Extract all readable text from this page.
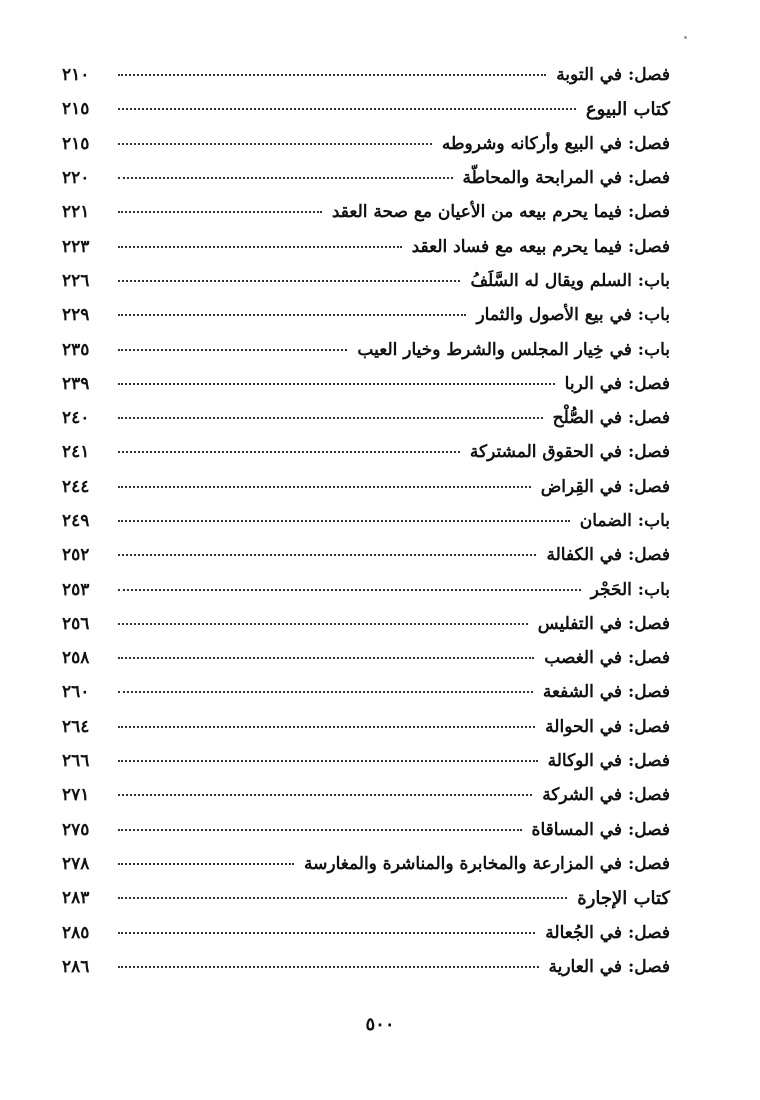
فصل: في التوبة
٢١٠
كتاب البيوع
٢١٥
فصل: في البيع وأركانه وشروطه
٢١٥
فصل: في المرابحة والمحاطّة
٢٢٠
فصل: فيما يحرم بيعه من الأعيان مع صحة العقد
٢٢١
فصل: فيما يحرم بيعه مع فساد العقد
٢٢٣
باب: السلم ويقال له السَّلَفُ
٢٢٦
باب: في بيع الأصول والثمار
٢٢٩
باب: في خِيار المجلس والشرط وخيار العيب
٢٣٥
فصل: في الربا
٢٣٩
فصل: في الصُّلْح
٢٤٠
فصل: في الحقوق المشتركة
٢٤١
فصل: في القِراض
٢٤٤
باب: الضمان
٢٤٩
فصل: في الكفالة
٢٥٢
باب: الحَجْر
٢٥٣
فصل: في التفليس
٢٥٦
فصل: في الغصب
٢٥٨
فصل: في الشفعة
٢٦٠
فصل: في الحوالة
٢٦٤
فصل: في الوكالة
٢٦٦
فصل: في الشركة
٢٧١
فصل: في المساقاة
٢٧٥
فصل: في المزارعة والمخابرة والمناشرة والمغارسة
٢٧٨
كتاب الإجارة
٢٨٣
فصل: في الجُعالة
٢٨٥
فصل: في العارية
٢٨٦
٥٠٠
